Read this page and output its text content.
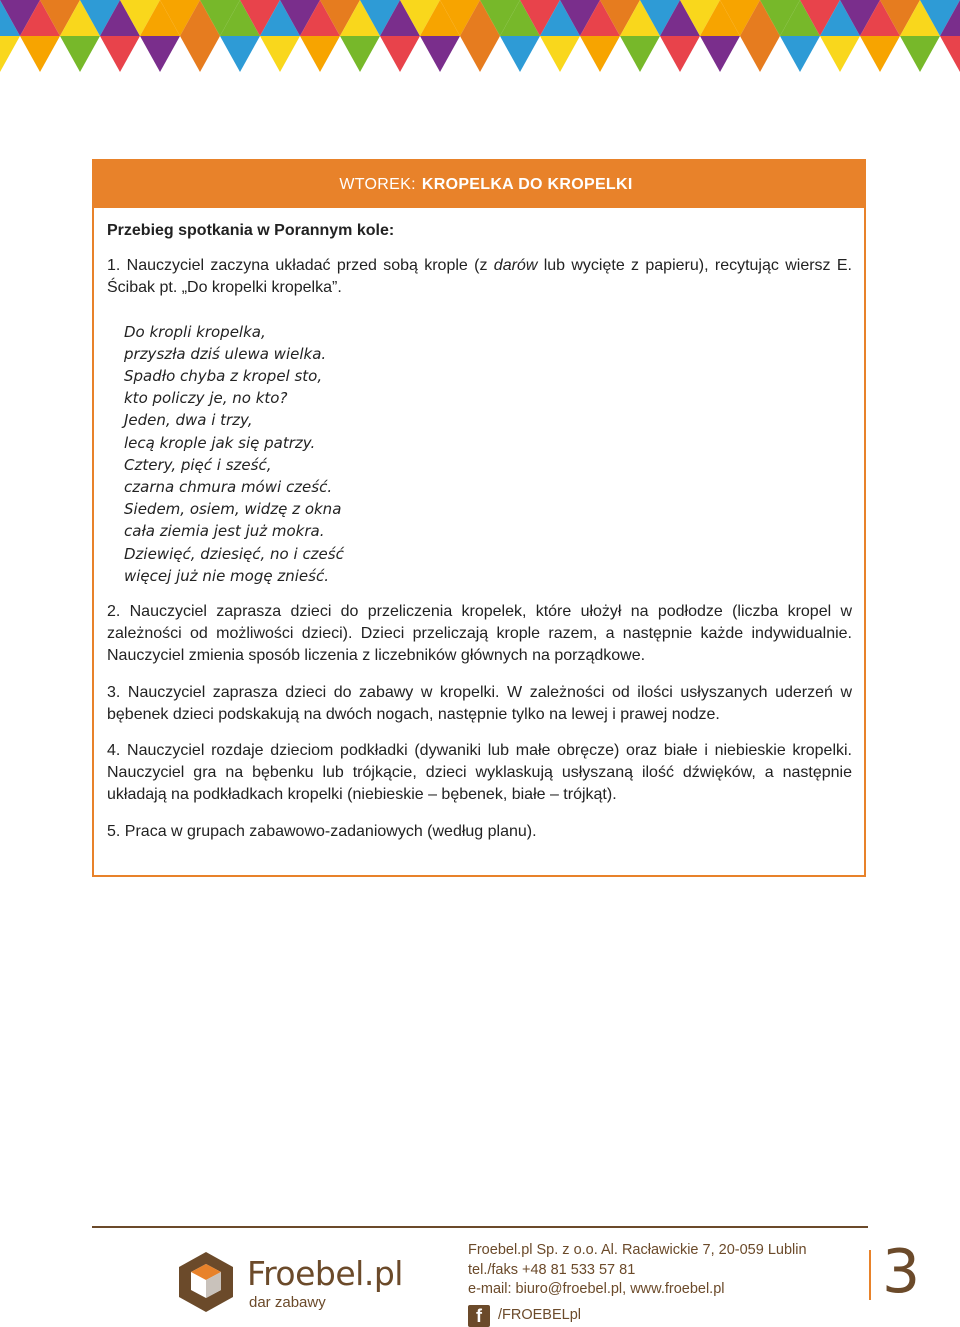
WTOREK: KROPELKA DO KROPELKI
Przebieg spotkania w Porannym kole:
1. Nauczyciel zaczyna układać przed sobą krople (z darów lub wycięte z papieru), recytując wiersz E. Ścibak pt. „Do kropelki kropelka”.
Do kropli kropelka,
przyszła dziś ulewa wielka.
Spadło chyba z kropel sto,
kto policzy je, no kto?
Jeden, dwa i trzy,
lecą krople jak się patrzy.
Cztery, pięć i sześć,
czarna chmura mówi cześć.
Siedem, osiem, widzę z okna
cała ziemia jest już mokra.
Dziewięć, dziesięć, no i cześć
więcej już nie mogę znieść.
2. Nauczyciel zaprasza dzieci do przeliczenia kropelek, które ułożył na podłodze (liczba kropel w zależności od możliwości dzieci). Dzieci przeliczają krople razem, a następnie każde indywidualnie. Nauczyciel zmienia sposób liczenia z liczebników głównych na porządkowe.
3. Nauczyciel zaprasza dzieci do zabawy w kropelki. W zależności od ilości usłyszanych uderzeń w bębenek dzieci podskakują na dwóch nogach, następnie tylko na lewej i prawej nodze.
4. Nauczyciel rozdaje dzieciom podkładki (dywaniki lub małe obręcze) oraz białe i niebieskie kropelki. Nauczyciel gra na bębenku lub trójkącie, dzieci wyklaskują usłyszaną ilość dźwięków, a następnie układają na podkładkach kropelki (niebieskie – bębenek, białe – trójkąt).
5. Praca w grupach zabawowo-zadaniowych (według planu).
Froebel.pl
dar zabawy
Froebel.pl Sp. z o.o. Al. Racławickie 7, 20-059 Lublin
tel./faks +48 81 533 57 81
e-mail: biuro@froebel.pl, www.froebel.pl
f	/FROEBELpl
3
